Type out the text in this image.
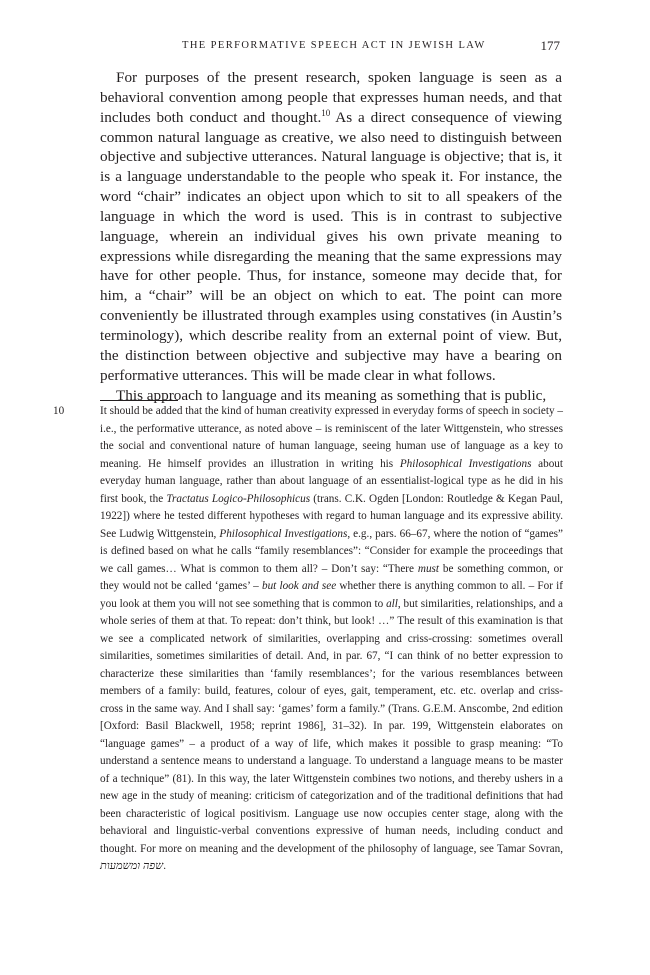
THE PERFORMATIVE SPEECH ACT IN JEWISH LAW	177

For purposes of the present research, spoken language is seen as a behavioral convention among people that expresses human needs, and that includes both conduct and thought.$^{10}$ As a direct consequence of viewing common natural language as creative, we also need to distinguish between objective and subjective utterances. Natural language is objective; that is, it is a language understandable to the people who speak it. For instance, the word “chair” indicates an object upon which to sit to all speakers of the language in which the word is used. This is in contrast to subjective language, wherein an individual gives his own private meaning to expressions while disregarding the meaning that the same expressions may have for other people. Thus, for instance, someone may decide that, for him, a “chair” will be an object on which to eat. The point can more conveniently be illustrated through examples using constatives (in Austin’s terminology), which describe reality from an external point of view. But, the distinction between objective and subjective may have a bearing on performative utterances. This will be made clear in what follows.

This approach to language and its meaning as something that is public,

10	It should be added that the kind of human creativity expressed in everyday forms of speech in society – i.e., the performative utterance, as noted above – is reminiscent of the later Wittgenstein, who stresses the social and conventional nature of human language, seeing human use of language as a key to meaning. He himself provides an illustration in writing his Philosophical Investigations about everyday human language, rather than about language of an essentialist-logical type as he did in his first book, the Tractatus Logico-Philosophicus (trans. C.K. Ogden [London: Routledge & Kegan Paul, 1922]) where he tested different hypotheses with regard to human language and its expressive ability. See Ludwig Wittgenstein, Philosophical Investigations, e.g., pars. 66–67, where the notion of “games” is defined based on what he calls “family resemblances”: “Consider for example the proceedings that we call games… What is common to them all? – Don’t say: “There must be something common, or they would not be called ‘games’ – but look and see whether there is anything common to all. – For if you look at them you will not see something that is common to all, but similarities, relationships, and a whole series of them at that. To repeat: don’t think, but look! …” The result of this examination is that we see a complicated network of similarities, overlapping and criss-crossing: sometimes overall similarities, sometimes similarities of detail. And, in par. 67, “I can think of no better expression to characterize these similarities than ‘family resemblances’; for the various resemblances between members of a family: build, features, colour of eyes, gait, temperament, etc. etc. overlap and criss-cross in the same way. And I shall say: ‘games’ form a family.” (Trans. G.E.M. Anscombe, 2nd edition [Oxford: Basil Blackwell, 1958; reprint 1986], 31–32). In par. 199, Wittgenstein elaborates on “language games” – a product of a way of life, which makes it possible to grasp meaning: “To understand a sentence means to understand a language. To understand a language means to be master of a technique” (81). In this way, the later Wittgenstein combines two notions, and thereby ushers in a new age in the study of meaning: criticism of categorization and of the traditional definitions that had been characteristic of logical positivism. Language use now occupies center stage, along with the behavioral and linguistic-verbal conventions expressive of human needs, including conduct and thought. For more on meaning and the development of the philosophy of language, see Tamar Sovran, שפה ומשמעות.
